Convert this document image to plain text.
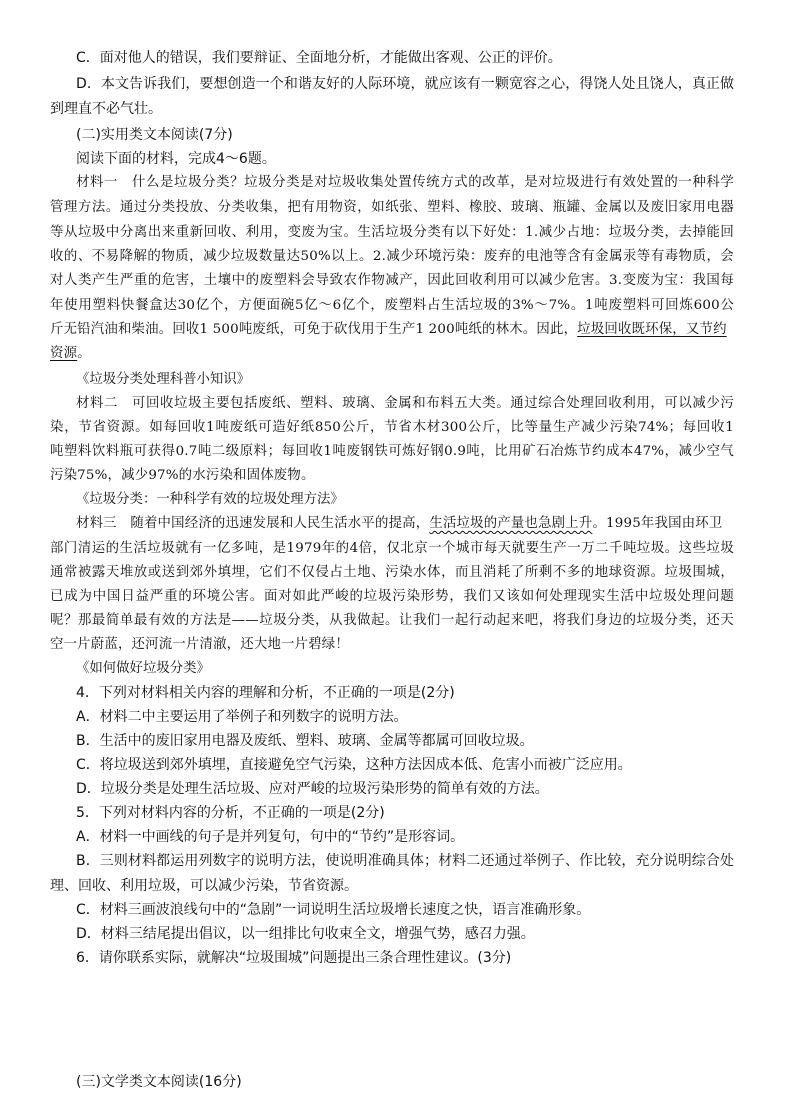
C．面对他人的错误，我们要辩证、全面地分析，才能做出客观、公正的评价。
D．本文告诉我们，要想创造一个和谐友好的人际环境，就应该有一颗宽容之心，得饶人处且饶人，真正做
到理直不必气壮。
(二)实用类文本阅读(7分)
阅读下面的材料，完成4～6题。
材料一　什么是垃圾分类？垃圾分类是对垃圾收集处置传统方式的改革，是对垃圾进行有效处置的一种科学
管理方法。通过分类投放、分类收集，把有用物资，如纸张、塑料、橡胶、玻璃、瓶罐、金属以及废旧家用电器
等从垃圾中分离出来重新回收、利用，变废为宝。生活垃圾分类有以下好处：1.减少占地：垃圾分类，去掉能回
收的、不易降解的物质，减少垃圾数量达50%以上。2.减少环境污染：废弃的电池等含有金属汞等有毒物质，会
对人类产生严重的危害，土壤中的废塑料会导致农作物减产，因此回收利用可以减少危害。3.变废为宝：我国每
年使用塑料快餐盒达30亿个，方便面碗5亿～6亿个，废塑料占生活垃圾的3%～7%。1吨废塑料可回炼600公
斤无铅汽油和柴油。回收1 500吨废纸，可免于砍伐用于生产1 200吨纸的林木。因此，垃圾回收既环保，又节约
资源。
《垃圾分类处理科普小知识》
材料二　可回收垃圾主要包括废纸、塑料、玻璃、金属和布料五大类。通过综合处理回收利用，可以减少污
染，节省资源。如每回收1吨废纸可造好纸850公斤，节省木材300公斤，比等量生产减少污染74%；每回收1
吨塑料饮料瓶可获得0.7吨二级原料；每回收1吨废钢铁可炼好钢0.9吨，比用矿石冶炼节约成本47%，减少空气
污染75%，减少97%的水污染和固体废物。
《垃圾分类：一种科学有效的垃圾处理方法》
材料三　随着中国经济的迅速发展和人民生活水平的提高，生活垃圾的产量也急剧上升。1995年我国由环卫
部门清运的生活垃圾就有一亿多吨，是1979年的4倍，仅北京一个城市每天就要生产一万二千吨垃圾。这些垃圾
通常被露天堆放或送到郊外填埋，它们不仅侵占土地、污染水体，而且消耗了所剩不多的地球资源。垃圾围城，
已成为中国日益严重的环境公害。面对如此严峻的垃圾污染形势，我们又该如何处理现实生活中垃圾处理问题
呢？那最简单最有效的方法是——垃圾分类，从我做起。让我们一起行动起来吧，将我们身边的垃圾分类，还天
空一片蔚蓝，还河流一片清澈，还大地一片碧绿！
《如何做好垃圾分类》
4．下列对材料相关内容的理解和分析，不正确的一项是(2分)
A．材料二中主要运用了举例子和列数字的说明方法。
B．生活中的废旧家用电器及废纸、塑料、玻璃、金属等都属可回收垃圾。
C．将垃圾送到郊外填埋，直接避免空气污染，这种方法因成本低、危害小而被广泛应用。
D．垃圾分类是处理生活垃圾、应对严峻的垃圾污染形势的简单有效的方法。
5．下列对材料内容的分析，不正确的一项是(2分)
A．材料一中画线的句子是并列复句，句中的“节约”是形容词。
B．三则材料都运用列数字的说明方法，使说明准确具体；材料二还通过举例子、作比较，充分说明综合处
理、回收、利用垃圾，可以减少污染，节省资源。
C．材料三画波浪线句中的“急剧”一词说明生活垃圾增长速度之快，语言准确形象。
D．材料三结尾提出倡议，以一组排比句收束全文，增强气势，感召力强。
6．请你联系实际，就解决“垃圾围城”问题提出三条合理性建议。(3分)
(三)文学类文本阅读(16分)
